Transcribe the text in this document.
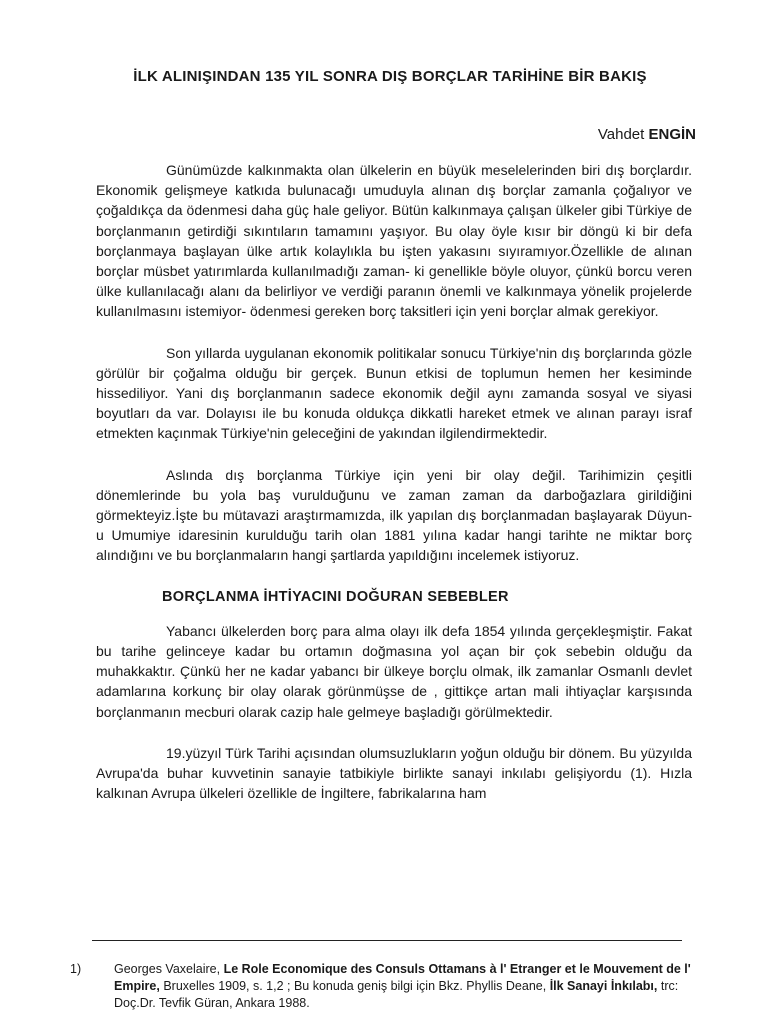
İLK ALINIŞINDAN 135 YIL SONRA DIŞ BORÇLAR TARİHİNE BİR BAKIŞ
Vahdet ENGİN

Günümüzde kalkınmakta olan ülkelerin en büyük meselelerinden biri dış borçlardır. Ekonomik gelişmeye katkıda bulunacağı umuduyla alınan dış borçlar zamanla çoğalıyor ve çoğaldıkça da ödenmesi daha güç hale geliyor. Bütün kalkınmaya çalışan ülkeler gibi Türkiye de borçlanmanın getirdiği sıkıntıların tamamını yaşıyor. Bu olay öyle kısır bir döngü ki bir defa borçlanmaya başlayan ülke artık kolaylıkla bu işten yakasını sıyıramıyor.Özellikle de alınan borçlar müsbet yatırımlarda kullanılmadığı zaman- ki genellikle böyle oluyor, çünkü borcu veren ülke kullanılacağı alanı da belirliyor ve verdiği paranın önemli ve kalkınmaya yönelik projelerde kullanılmasını istemiyor- ödenmesi gereken borç taksitleri için yeni borçlar almak gerekiyor.

Son yıllarda uygulanan ekonomik politikalar sonucu Türkiye'nin dış borçlarında gözle görülür bir çoğalma olduğu bir gerçek. Bunun etkisi de toplumun hemen her kesiminde hissediliyor. Yani dış borçlanmanın sadece ekonomik değil aynı zamanda sosyal ve siyasi boyutları da var. Dolayısı ile bu konuda oldukça dikkatli hareket etmek ve alınan parayı israf etmekten kaçınmak Türkiye'nin geleceğini de yakından ilgilendirmektedir.

Aslında dış borçlanma Türkiye için yeni bir olay değil. Tarihimizin çeşitli dönemlerinde bu yola baş vurulduğunu ve zaman zaman da darboğazlara girildiğini görmekteyiz.İşte bu mütavazi araştırmamızda, ilk yapılan dış borçlanmadan başlayarak Düyun-u Umumiye idaresinin kurulduğu tarih olan 1881 yılına kadar hangi tarihte ne miktar borç alındığını ve bu borçlanmaların hangi şartlarda yapıldığını incelemek istiyoruz.

BORÇLANMA İHTİYACINI DOĞURAN SEBEBLER

Yabancı ülkelerden borç para alma olayı ilk defa 1854 yılında gerçekleşmiştir. Fakat bu tarihe gelinceye kadar bu ortamın doğmasına yol açan bir çok sebebin olduğu da muhakkaktır. Çünkü her ne kadar yabancı bir ülkeye borçlu olmak, ilk zamanlar Osmanlı devlet adamlarına korkunç bir olay olarak görünmüşse de , gittikçe artan mali ihtiyaçlar karşısında borçlanmanın mecburi olarak cazip hale gelmeye başladığı görülmektedir.

19.yüzyıl Türk Tarihi açısından olumsuzlukların yoğun olduğu bir dönem. Bu yüzyılda Avrupa'da buhar kuvvetinin sanayie tatbikiyle birlikte sanayi inkılabı gelişiyordu (1). Hızla kalkınan Avrupa ülkeleri özellikle de İngiltere, fabrikalarına ham

1)	Georges Vaxelaire, Le Role Economique des Consuls Ottamans à l' Etranger et le Mouvement de l' Empire, Bruxelles 1909, s. 1,2 ; Bu konuda geniş bilgi için Bkz. Phyllis Deane, İlk Sanayi İnkılabı, trc: Doç.Dr. Tevfik Güran, Ankara 1988.
